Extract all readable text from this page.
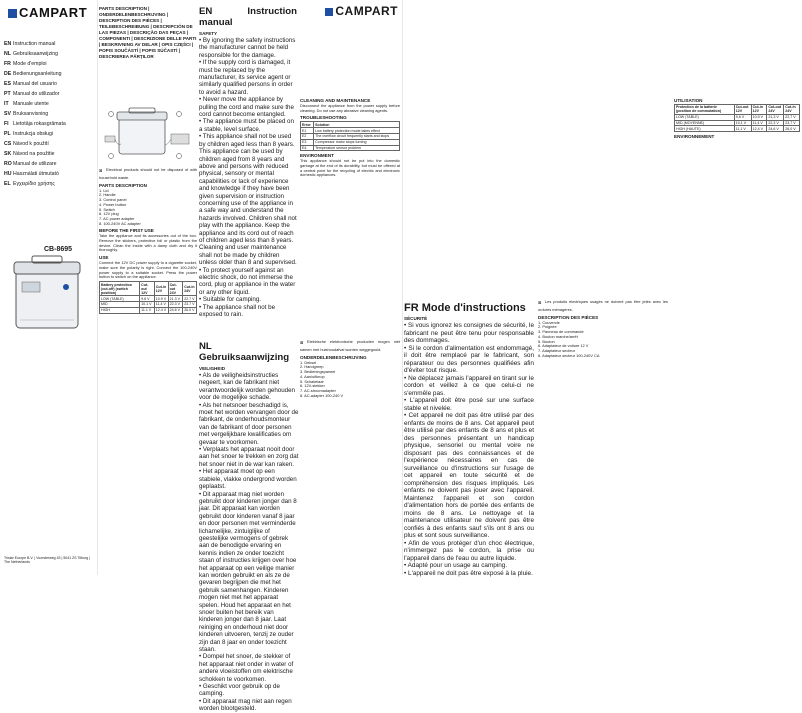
CAMPART
EN Instruction manual
NL Gebruiksaanwijzing
FR Mode d'emploi
DE Bedienungsanleitung
ES Manual del usuario
PT Manual do utilizador
IT Manuale utente
SV Bruksanvisning
FI Lietotāja rokasgrāmata
PL Instrukcja obsługi
CS Návod k použití
SK Návod na použitie
RO Manual de utilizare
HU Használati útmutató
EL Εγχειρίδιο χρήσης
CB-8695
Tristar Europe B.V. | Voorsterweg 43 | 5041 ZS Tilburg | The Netherlands
PARTS DESCRIPTION | ONDERDELENBESCHRIJVING | DESCRIPTION DES PIÈCES | TEILEBESCHREIBUNG | DESCRIPCIÓN DE LAS PIEZAS | DESCRIÇÃO DAS PEÇAS | COMPONENTI | DESCRIZIONE DELLE PARTI | BESKRIVNING AV DELAR | OPIS CZĘŚCI | POPIS SOUČÁSTÍ | POPIS SÚČASTÍ | DESCRIEREA PĂRȚILOR
CAMPART
⊠ Electrical products should not be disposed of with household waste.
PARTS DESCRIPTION
1. Lid
2. Handle
3. Control panel
4. Power button
5. Switch
6. 12V plug
7. AC power adapter
8. 100-240V AC adapter
BEFORE THE FIRST USE

Take the appliance and its accessories out of the box. Remove the stickers, protective foil or plastic from the device. Clean the inside with a damp cloth and dry it thoroughly.

USE

Connect the 12V DC power supply to a cigarette socket, make sure the polarity is right. Connect the 100-240V power supply to a suitable socket. Press the power button to switch on the appliance.

Battery protection (cut-off) (switch position)	Cut-out 12V	Cut-in 12V	Cut-out 24V	Cut-in 24V
LOW (TABLE)	9.6 V	10.9 V	21.3 V	22.7 V
MID	10.1 V	11.4 V	22.3 V	23.7 V
HIGH	11.1 V	12.4 V	24.6 V	26.0 V
EN Instruction manual
SAFETY
• By ignoring the safety instructions the manufacturer cannot be held responsible for the damage.
• If the supply cord is damaged, it must be replaced by the manufacturer, its service agent or similarly qualified persons in order to avoid a hazard.
• Never move the appliance by pulling the cord and make sure the cord cannot become entangled.
• The appliance must be placed on a stable, level surface.
• This appliance shall not be used by children aged less than 8 years. This appliance can be used by children aged from 8 years and above and persons with reduced physical, sensory or mental capabilities or lack of experience and knowledge if they have been given supervision or instruction concerning use of the appliance in a safe way and understand the hazards involved. Children shall not play with the appliance. Keep the appliance and its cord out of reach of children aged less than 8 years. Cleaning and user maintenance shall not be made by children unless older than 8 and supervised.
• To protect yourself against an electric shock, do not immerse the cord, plug or appliance in the water or any other liquid.
• Suitable for camping.
• The appliance shall not be exposed to rain.
CLEANING AND MAINTENANCE

Disconnect the appliance from the power supply before cleaning. Do not use any abrasive cleaning agents.

TROUBLESHOOTING
Error	Solution
E1	Low battery protection mode takes effect
E2	The overflow circuit frequently starts and stops
E3	Compressor motor stops turning
E4	Temperature sensor problem
ENVIRONMENT

This appliance should not be put into the domestic garbage at the end of its durability, but must be offered at a central point for the recycling of electric and electronic domestic appliances.

NL Gebruiksaanwijzing
VEILIGHEID
• Als de veiligheidsinstructies negeert, kan de fabrikant niet verantwoordelijk worden gehouden voor de mogelijke schade.
• Als het netsnoer beschadigd is, moet het worden vervangen door de fabrikant, de onderhoudsmonteur van de fabrikant of door personen met vergelijkbare kwalificaties om gevaar te voorkomen.
• Verplaats het apparaat nooit door aan het snoer te trekken en zorg dat het snoer niet in de war kan raken.
• Het apparaat moet op een stabiele, vlakke ondergrond worden geplaatst.
• Dit apparaat mag niet worden gebruikt door kinderen jonger dan 8 jaar. Dit apparaat kan worden gebruikt door kinderen vanaf 8 jaar en door personen met verminderde lichamelijke, zintuiglijke of geestelijke vermogens of gebrek aan de benodigde ervaring en kennis indien ze onder toezicht staan of instructies krijgen over hoe het apparaat op een veilige manier kan worden gebruikt en als ze de gevaren begrijpen die met het gebruik samenhangen. Kinderen mogen niet met het apparaat spelen. Houd het apparaat en het snoer buiten het bereik van kinderen jonger dan 8 jaar. Laat reiniging en onderhoud niet door kinderen uitvoeren, tenzij ze ouder zijn dan 8 jaar en onder toezicht staan.
• Dompel het snoer, de stekker of het apparaat niet onder in water of andere vloeistoffen om elektrische schokken te voorkomen.
• Geschikt voor gebruik op de camping.
• Dit apparaat mag niet aan regen worden blootgesteld.
⊠ Elektrische elektronische producten mogen niet samen met huishoudafval worden weggegooid.
ONDERDELENBESCHRIJVING
1. Deksel
2. Handgreep
3. Bedieningspaneel
4. Aan/uitknop
5. Schakelaar
6. 12V-stekker
7. AC-stroomadapter
8. AC-adapter 100-240 V
FR Mode d'instructions
SÉCURITÉ
• Si vous ignorez les consignes de sécurité, le fabricant ne peut être tenu pour responsable des dommages.
• Si le cordon d'alimentation est endommagé, il doit être remplacé par le fabricant, son réparateur ou des personnes qualifiées afin d'éviter tout risque.
• Ne déplacez jamais l'appareil en tirant sur le cordon et veillez à ce que celui-ci ne s'emmêle pas.
• L'appareil doit être posé sur une surface stable et nivelée.
• Cet appareil ne doit pas être utilisé par des enfants de moins de 8 ans. Cet appareil peut être utilisé par des enfants de 8 ans et plus et des personnes présentant un handicap physique, sensoriel ou mental voire ne disposant pas des connaissances et de l'expérience nécessaires en cas de surveillance ou d'instructions sur l'usage de cet appareil en toute sécurité et de compréhension des risques impliqués. Les enfants ne doivent pas jouer avec l'appareil. Maintenez l'appareil et son cordon d'alimentation hors de portée des enfants de moins de 8 ans. Le nettoyage et la maintenance utilisateur ne doivent pas être confiés à des enfants sauf s'ils ont 8 ans ou plus et sont sous surveillance.
• Afin de vous protéger d'un choc électrique, n'immergez pas le cordon, la prise ou l'appareil dans de l'eau ou autre liquide.
• Adapté pour un usage au camping.
• L'appareil ne doit pas être exposé à la pluie.
⊠ Les produits électriques usagés ne doivent pas être jetés avec les ordures ménagères.
DESCRIPTION DES PIÈCES
1. Couvercle
2. Poignée
3. Panneau de commande
4. Bouton marche/arrêt
5. Bouton
6. Adaptateur de voiture 12 V
7. Adaptateur secteur
8. Adaptateur secteur 100-240V CA
UTILISATION
Protection de la batterie (position de commutation)	Cut-out 12V	Cut-in 12V	Cut-out 24V	Cut-in 24V
LOW (TABLE)	9,6 V	10,9 V	21,3 V	22,7 V
MID (MOYENNE)	10,1 V	11,4 V	22,3 V	23,7 V
HIGH (HAUTE)	11,1 V	12,4 V	24,6 V	26,0 V
ENVIRONNEMENT
